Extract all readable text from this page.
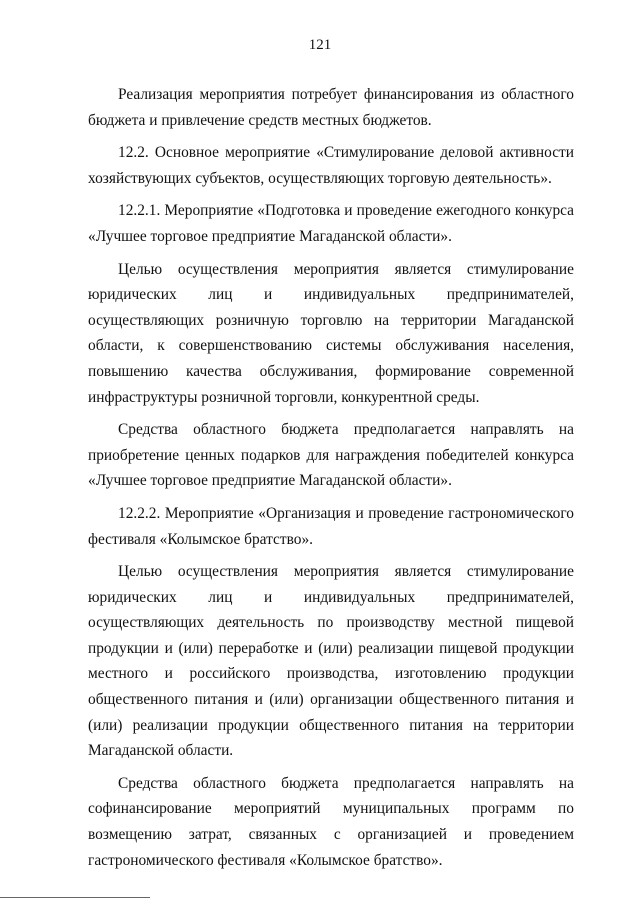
121

Реализация мероприятия потребует финансирования из областного бюджета и привлечение средств местных бюджетов.

12.2. Основное мероприятие «Стимулирование деловой активности хозяйствующих субъектов, осуществляющих торговую деятельность».

12.2.1. Мероприятие «Подготовка и проведение ежегодного конкурса «Лучшее торговое предприятие Магаданской области».

Целью осуществления мероприятия является стимулирование юридических лиц и индивидуальных предпринимателей, осуществляющих розничную торговлю на территории Магаданской области, к совершенствованию системы обслуживания населения, повышению качества обслуживания, формирование современной инфраструктуры розничной торговли, конкурентной среды.

Средства областного бюджета предполагается направлять на приобретение ценных подарков для награждения победителей конкурса «Лучшее торговое предприятие Магаданской области».

12.2.2. Мероприятие «Организация и проведение гастрономического фестиваля «Колымское братство».

Целью осуществления мероприятия является стимулирование юридических лиц и индивидуальных предпринимателей, осуществляющих деятельность по производству местной пищевой продукции и (или) переработке и (или) реализации пищевой продукции местного и российского производства, изготовлению продукции общественного питания и (или) организации общественного питания и (или) реализации продукции общественного питания на территории Магаданской области.

Средства областного бюджета предполагается направлять на софинансирование мероприятий муниципальных программ по возмещению затрат, связанных с организацией и проведением гастрономического фестиваля «Колымское братство».
